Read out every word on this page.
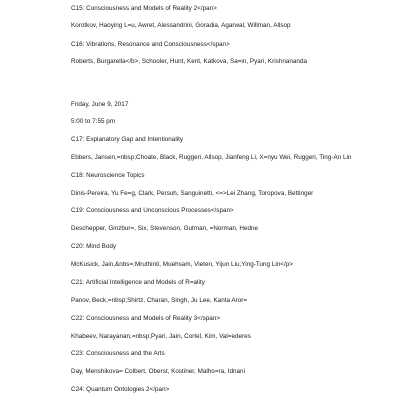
C15: Consciousness and Models of Reality 2</pan>
Korotkov, Haoying L=u, Awret, Alessandrini, Goradia, Agarwal, Willman, Allsop
C16: Vibrations, Resonance and Consciousness</span>
Roberts, Burgarella</b>, Schooler, Hunt, Kent, Katkova, Sa=in, Pyari, Krishnananda
Friday, June 9, 2017
5:00 to 7:55 pm
C17: Explanatory Gap and Intentionality
Ebbers, Jansen,=nbsp;Choate, Black, Ruggeri, Allsop, Jianfeng Li, X=nyu Wei, Ruggeri, Ting-An Lin
C18: Neuroscience Topics
Dinis-Pereira, Yu Fe=g, Clark, Persuh, Sanguinetti, <=>Lei Zhang, Toropova, Bettinger
C19: Consciousness and Unconscious Processes</span>
Deschepper, Ginzbur=, Six, Stevenson, Gutman, =Norman, Hedne
C20: Mind Body
McKusick, Jain,&nbs=;Mruthinti, Muehsam, Vieten, Yijun Liu,Ying-Tung Lin</p>
C21: Artificial Intelligence and Models of R=ality
Panov, Beck,=nbsp;Shirtz, Charan, Singh, Ju Lee, Kanta Aror=
C22: Consciousness and Models of Reality 3</span>
Khabeev, Narayanan,=nbsp;Pyari, Jain, Cortel, Kim, Val=ederes
C23: Consciousness and the Arts
Day, Menshikova= Colbert, Oberst, Kostiner, Malho=ra, Idnani
C24: Quantum Ontologies 2</pan>
